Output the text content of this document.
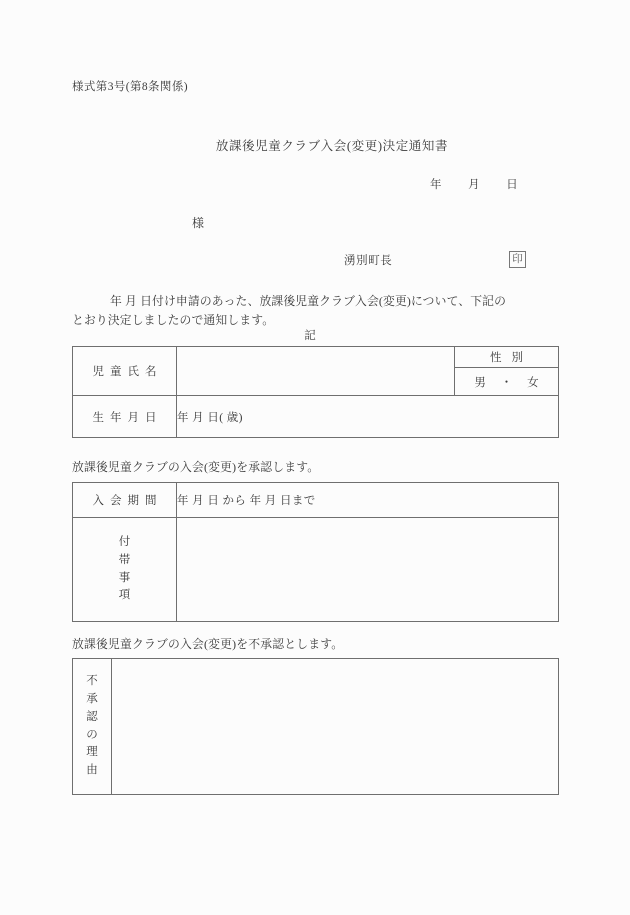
様式第3号(第8条関係)
放課後児童クラブ入会(変更)決定通知書
年        月        日
様
湧別町長	印
年 月 日付け申請のあった、放課後児童クラブ入会(変更)について、下記の
とおり決定しましたので通知します。
記
児童氏名		性別
		男 ・ 女
生年月日	年 月 日( 歳)	
放課後児童クラブの入会(変更)を承認します。
入会期間	年 月 日 から 年 月 日まで

付
帯
事
項	

放課後児童クラブの入会(変更)を不承認とします。
不
承
認
の
理
由
